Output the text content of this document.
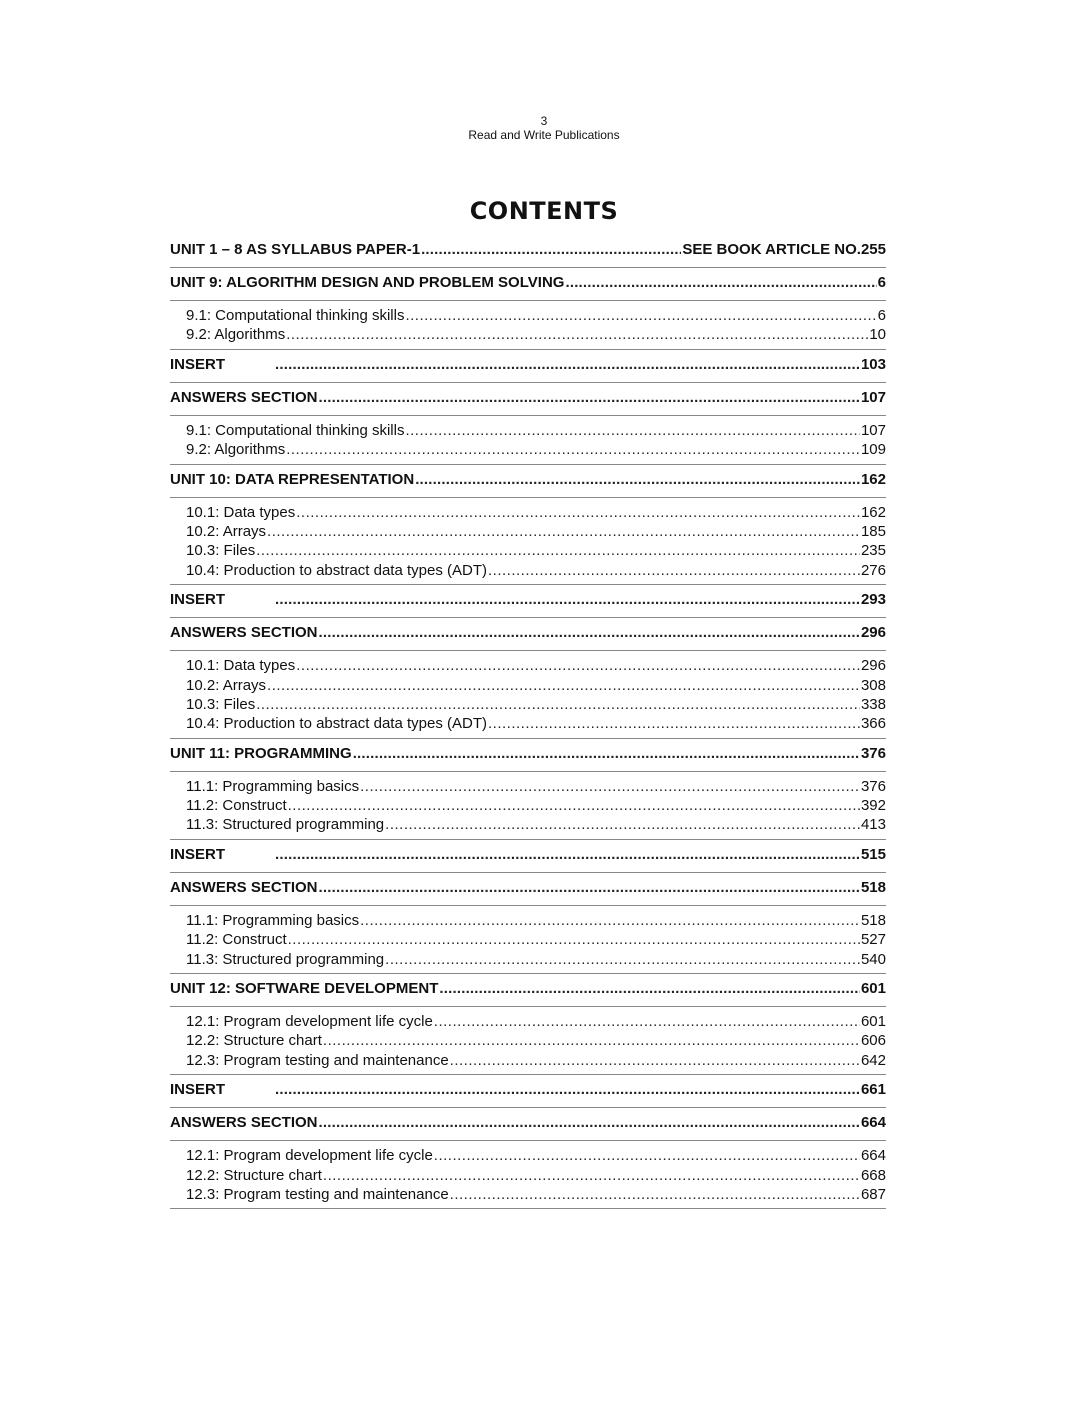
3
Read and Write Publications
CONTENTS
UNIT 1 – 8 AS SYLLABUS PAPER-1 .....	SEE BOOK ARTICLE NO.255
UNIT 9: ALGORITHM DESIGN AND PROBLEM SOLVING .....	6
9.1: Computational thinking skills .....	6
9.2: Algorithms .....	10
INSERT .....	103
ANSWERS SECTION .....	107
9.1: Computational thinking skills .....	107
9.2: Algorithms .....	109
UNIT 10: DATA REPRESENTATION .....	162
10.1: Data types .....	162
10.2: Arrays .....	185
10.3: Files .....	235
10.4: Production to abstract data types (ADT) .....	276
INSERT .....	293
ANSWERS SECTION .....	296
10.1: Data types .....	296
10.2: Arrays .....	308
10.3: Files .....	338
10.4: Production to abstract data types (ADT) .....	366
UNIT 11: PROGRAMMING .....	376
11.1: Programming basics .....	376
11.2: Construct .....	392
11.3: Structured programming .....	413
INSERT .....	515
ANSWERS SECTION .....	518
11.1: Programming basics .....	518
11.2: Construct .....	527
11.3: Structured programming .....	540
UNIT 12: SOFTWARE DEVELOPMENT .....	601
12.1: Program development life cycle .....	601
12.2: Structure chart .....	606
12.3: Program testing and maintenance .....	642
INSERT .....	661
ANSWERS SECTION .....	664
12.1: Program development life cycle .....	664
12.2: Structure chart .....	668
12.3: Program testing and maintenance .....	687
